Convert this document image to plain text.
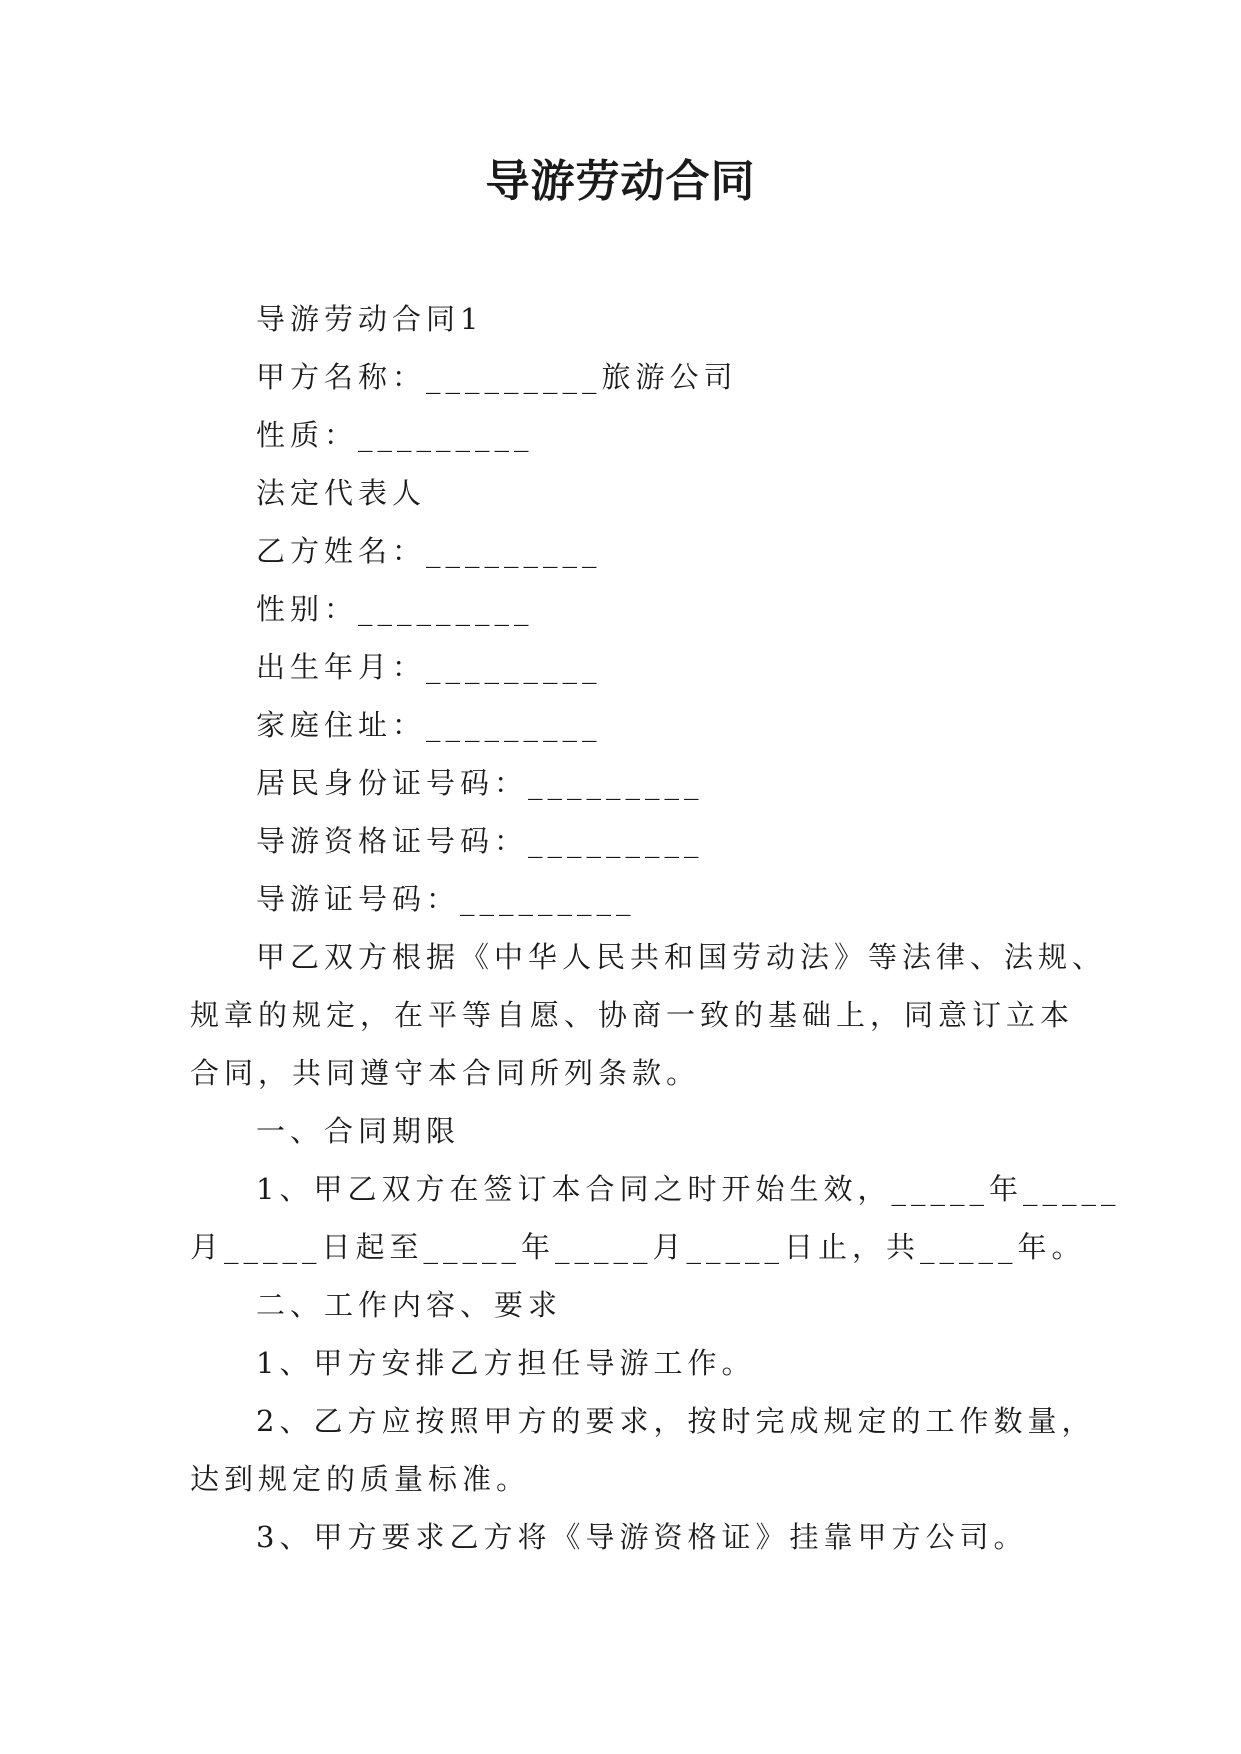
导游劳动合同

导游劳动合同1

甲方名称：_________旅游公司

性质：_________

法定代表人

乙方姓名：_________

性别：_________

出生年月：_________

家庭住址：_________

居民身份证号码：_________

导游资格证号码：_________

导游证号码：_________

甲乙双方根据《中华人民共和国劳动法》等法律、法规、

规章的规定，在平等自愿、协商一致的基础上，同意订立本

合同，共同遵守本合同所列条款。

一、合同期限

1、甲乙双方在签订本合同之时开始生效，_____年_____

月_____日起至_____年_____月_____日止，共_____年。

二、工作内容、要求

1、甲方安排乙方担任导游工作。

2、乙方应按照甲方的要求，按时完成规定的工作数量，

达到规定的质量标准。

3、甲方要求乙方将《导游资格证》挂靠甲方公司。
